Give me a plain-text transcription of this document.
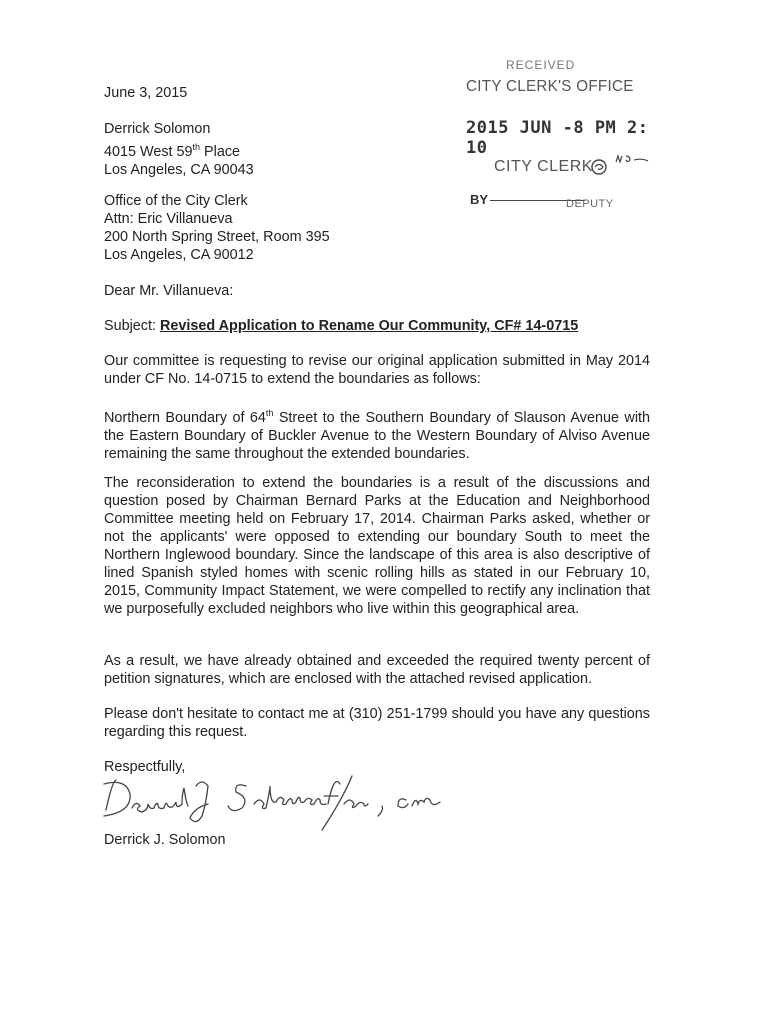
RECEIVED
CITY CLERK'S OFFICE
2015 JUN -8 PM 2: 10
CITY CLERK
BY	DEPUTY
June 3, 2015
Derrick Solomon
4015 West 59th Place
Los Angeles, CA 90043
Office of the City Clerk
Attn: Eric Villanueva
200 North Spring Street, Room 395
Los Angeles, CA 90012
Dear Mr. Villanueva:
Subject: Revised Application to Rename Our Community, CF# 14-0715
Our committee is requesting to revise our original application submitted in May 2014 under CF No. 14-0715 to extend the boundaries as follows:
Northern Boundary of 64th Street to the Southern Boundary of Slauson Avenue with the Eastern Boundary of Buckler Avenue to the Western Boundary of Alviso Avenue remaining the same throughout the extended boundaries.
The reconsideration to extend the boundaries is a result of the discussions and question posed by Chairman Bernard Parks at the Education and Neighborhood Committee meeting held on February 17, 2014. Chairman Parks asked, whether or not the applicants' were opposed to extending our boundary South to meet the Northern Inglewood boundary. Since the landscape of this area is also descriptive of lined Spanish styled homes with scenic rolling hills as stated in our February 10, 2015, Community Impact Statement, we were compelled to rectify any inclination that we purposefully excluded neighbors who live within this geographical area.
As a result, we have already obtained and exceeded the required twenty percent of petition signatures, which are enclosed with the attached revised application.
Please don't hesitate to contact me at (310) 251-1799 should you have any questions regarding this request.
Respectfully,
Derrick J. Solomon
